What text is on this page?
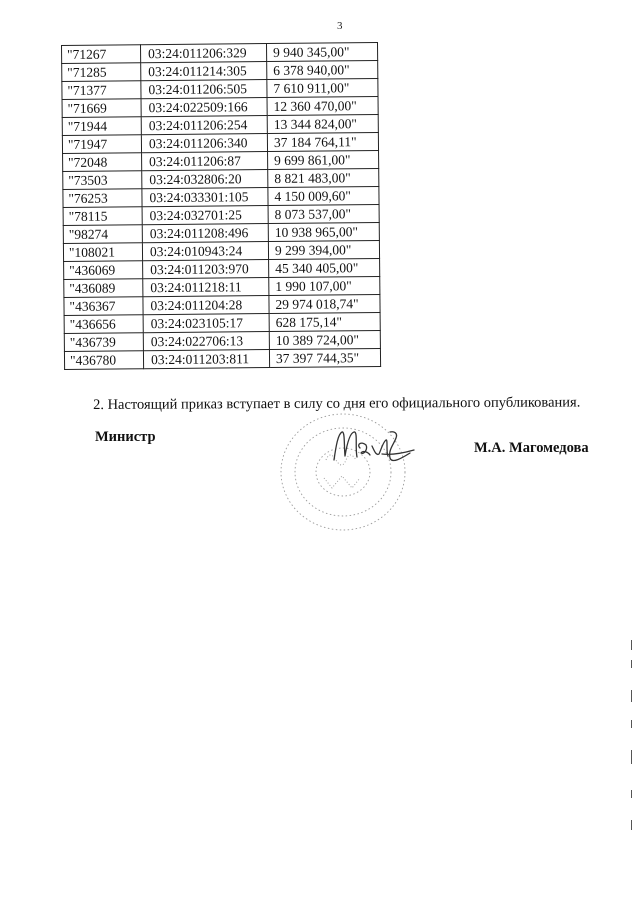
3
"71267	03:24:011206:329	9 940 345,00"
"71285	03:24:011214:305	6 378 940,00"
"71377	03:24:011206:505	7 610 911,00"
"71669	03:24:022509:166	12 360 470,00"
"71944	03:24:011206:254	13 344 824,00"
"71947	03:24:011206:340	37 184 764,11"
"72048	03:24:011206:87	9 699 861,00"
"73503	03:24:032806:20	8 821 483,00"
"76253	03:24:033301:105	4 150 009,60"
"78115	03:24:032701:25	8 073 537,00"
"98274	03:24:011208:496	10 938 965,00"
"108021	03:24:010943:24	9 299 394,00"
"436069	03:24:011203:970	45 340 405,00"
"436089	03:24:011218:11	1 990 107,00"
"436367	03:24:011204:28	29 974 018,74"
"436656	03:24:023105:17	628 175,14"
"436739	03:24:022706:13	10 389 724,00"
"436780	03:24:011203:811	37 397 744,35"
2. Настоящий приказ вступает в силу со дня его официального опубликования.
Министр
М.А. Магомедова
